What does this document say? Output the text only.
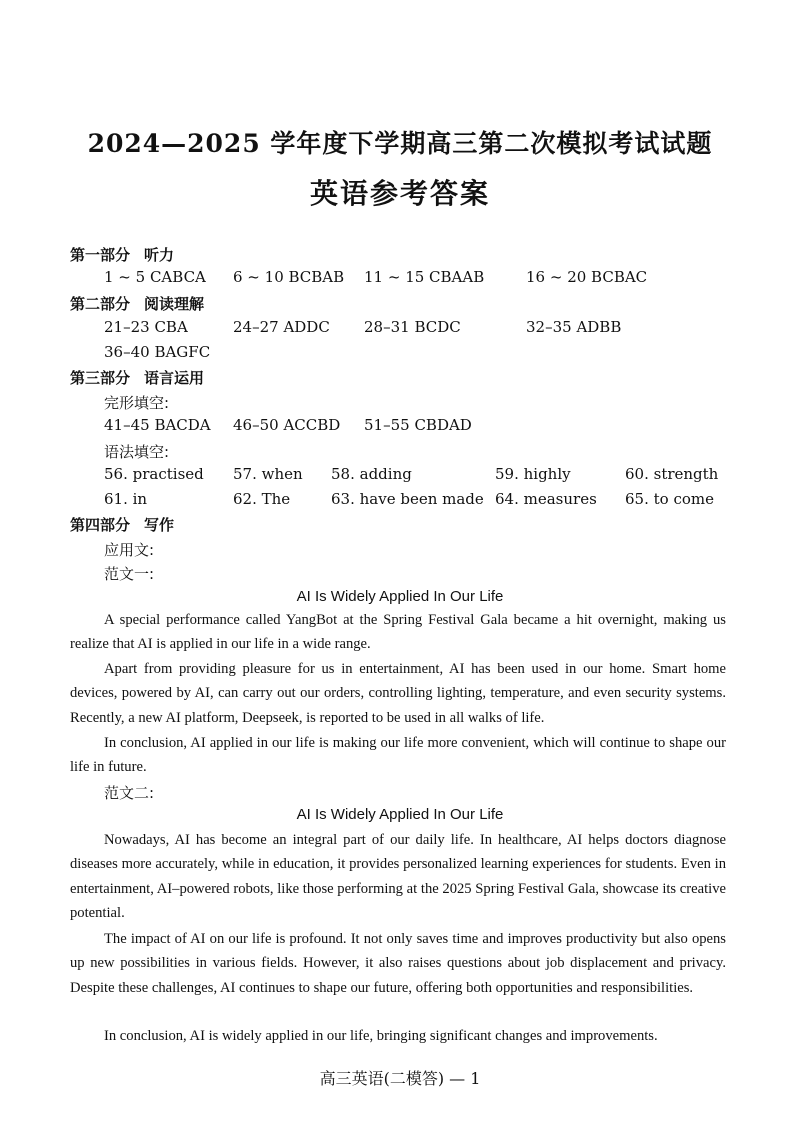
2024—2025 学年度下学期高三第二次模拟考试试题
英语参考答案
第一部分 听力
1 ~ 5 CABCA 6 ~ 10 BCBAB 11 ~ 15 CBAAB	16 ~ 20 BCBAC
第二部分 阅读理解
21–23 CBA	24–27 ADDC 28–31 BCDC	32–35 ADBB
36–40 BAGFC
第三部分 语言运用
完形填空:
41–45 BACDA 46–50 ACCBD 51–55 CBDAD
语法填空:
56. practised 57. when 58. adding	59. highly	60. strength
61. in	62. The	63. have been made 64. measures 65. to come
第四部分 写作
应用文:
范文一:
AI Is Widely Applied In Our Life

A special performance called YangBot at the Spring Festival Gala became a hit overnight, making us realize that AI is applied in our life in a wide range.

Apart from providing pleasure for us in entertainment, AI has been used in our home. Smart home devices, powered by AI, can carry out our orders, controlling lighting, temperature, and even security systems. Recently, a new AI platform, Deepseek, is reported to be used in all walks of life.

In conclusion, AI applied in our life is making our life more convenient, which will continue to shape our life in future.

范文二:
AI Is Widely Applied In Our Life

Nowadays, AI has become an integral part of our daily life. In healthcare, AI helps doctors diagnose diseases more accurately, while in education, it provides personalized learning experiences for students. Even in entertainment, AI–powered robots, like those performing at the 2025 Spring Festival Gala, showcase its creative potential.

The impact of AI on our life is profound. It not only saves time and improves productivity but also opens up new possibilities in various fields. However, it also raises questions about job displacement and privacy. Despite these challenges, AI continues to shape our future, offering both opportunities and responsibilities.

In conclusion, AI is widely applied in our life, bringing significant changes and improvements.

高三英语(二模答) — 1
